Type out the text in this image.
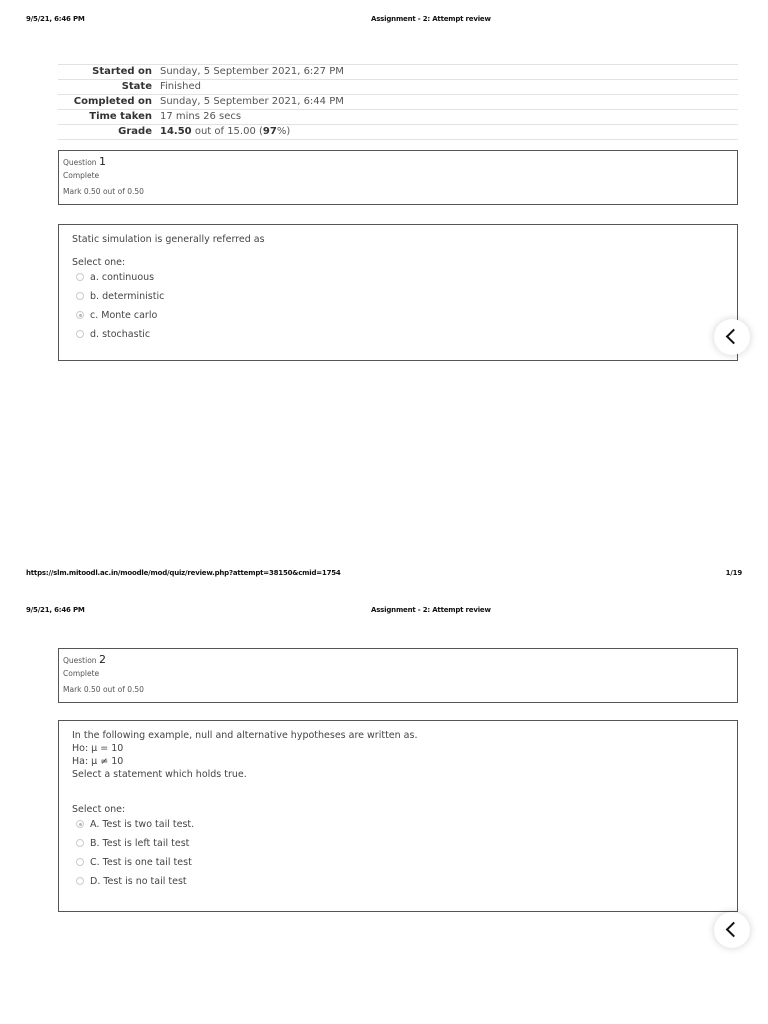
9/5/21, 6:46 PM	Assignment - 2: Attempt review
Started on	Sunday, 5 September 2021, 6:27 PM
State	Finished
Completed on	Sunday, 5 September 2021, 6:44 PM
Time taken	17 mins 26 secs
Grade	14.50 out of 15.00 (97%)
Question 1
Complete
Mark 0.50 out of 0.50
Static simulation is generally referred as
Select one:
a. continuous
b. deterministic
c. Monte carlo
d. stochastic
https://slm.mitoodl.ac.in/moodle/mod/quiz/review.php?attempt=38150&cmid=1754	1/19
9/5/21, 6:46 PM	Assignment - 2: Attempt review
Question 2
Complete
Mark 0.50 out of 0.50
In the following example, null and alternative hypotheses are written as.
Ho: μ = 10
Ha: μ ≠ 10
Select a statement which holds true.
Select one:
A. Test is two tail test.
B. Test is left tail test
C. Test is one tail test
D. Test is no tail test
